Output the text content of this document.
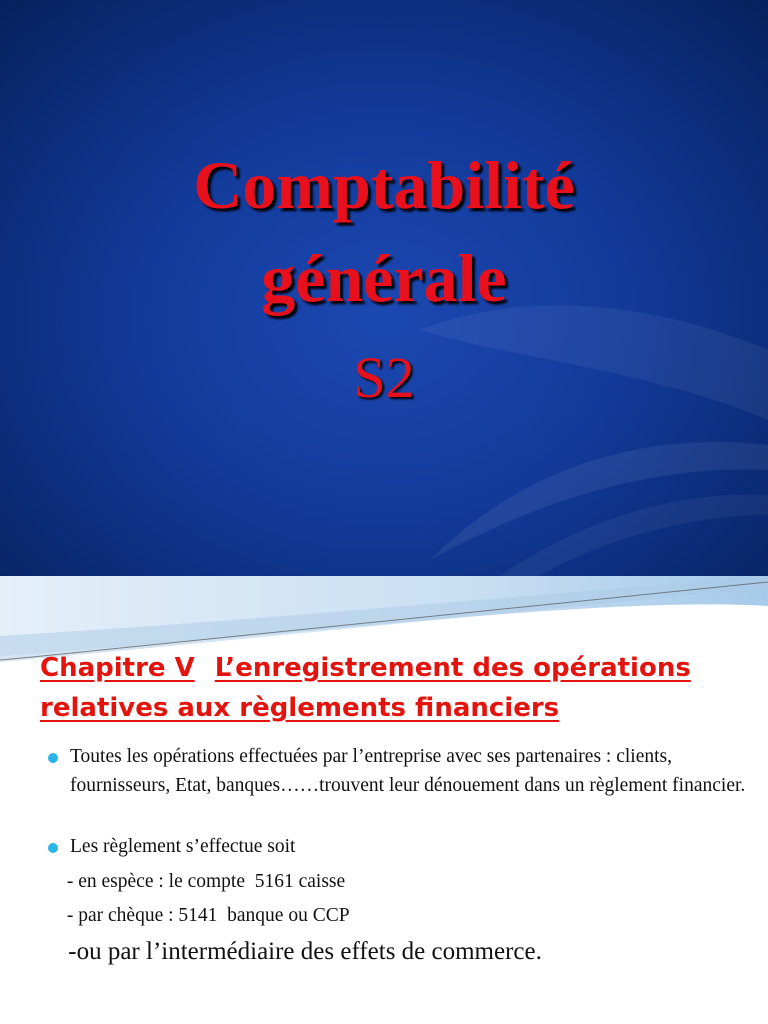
Comptabilité
générale
S2
Chapitre V L’enregistrement des opérations
relatives aux règlements financiers
Toutes les opérations effectuées par l’entreprise avec ses partenaires : clients, fournisseurs, Etat, banques……trouvent leur dénouement dans un règlement financier.
Les règlement s’effectue soit
- en espèce : le compte  5161 caisse
- par chèque : 5141  banque ou CCP
-ou par l’intermédiaire des effets de commerce.
